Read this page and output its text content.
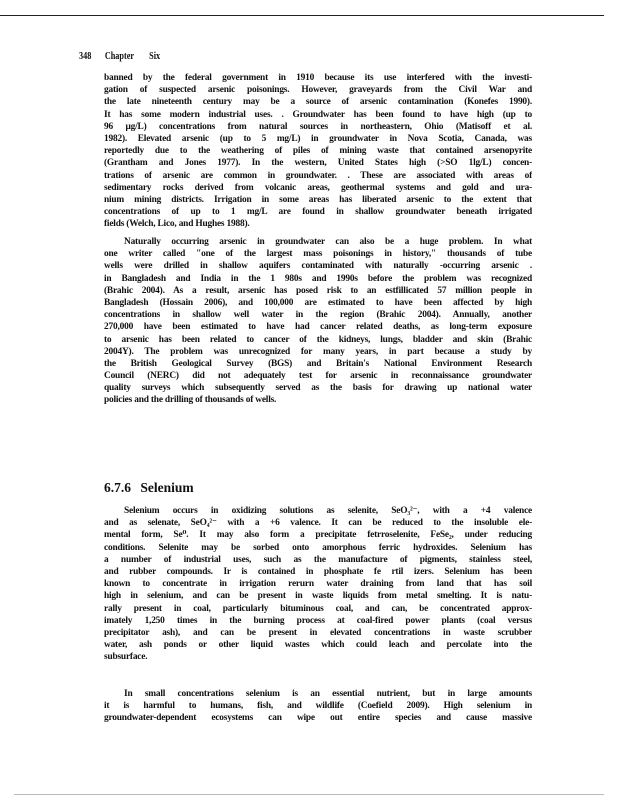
348 Chapter Six
banned by the federal government in 1910 because its use interfered with the investi-
gation of suspected arsenic poisonings. However, graveyards from the Civil War and
the late nineteenth century may be a source of arsenic contamination (Konefes 1990).
It has some modern industrial uses. . Groundwater has been found to have high (up to
96 μg/L) concentrations from natural sources in northeastern, Ohio (Matisoff et al.
1982). Elevated arsenic (up to 5 mg/L) in groundwater in Nova Scotia, Canada, was
reportedly due to the weathering of piles of mining waste that contained arsenopyrite
(Grantham and Jones 1977). In the western, United States high (>SO 1lg/L) concen-
trations of arsenic are common in groundwater. . These are associated with areas of
sedimentary rocks derived from volcanic areas, geothermal systems and gold and ura-
nium mining districts. Irrigation in some areas has liberated arsenic to the extent that
concentrations of up to 1 mg/L are found in shallow groundwater beneath irrigated
fields (Welch, Lico, and Hughes 1988).
Naturally occurring arsenic in groundwater can also be a huge problem. In what
one writer called "one of the largest mass poisonings in history," thousands of tube
wells were drilled in shallow aquifers contaminated with naturally -occurring arsenic .
in Bangladesh and India in the 1 980s and 1990s before the problem was recognized
(Brahic 2004). As a result, arsenic has posed risk to an estfillicated 57 million people in
Bangladesh (Hossain 2006), and 100,000 are estimated to have been affected by high
concentrations in shallow well water in the region (Brahic 2004). Annually, another
270,000 have been estimated to have had cancer related deaths, as long-term exposure
to arsenic has been related to cancer of the kidneys, lungs, bladder and skin (Brahic
2004Y). The problem was unrecognized for many years, in part because a study by
the British Geological Survey (BGS) and Britain's National Environment Research
Council (NERC) did not adequately test for arsenic in reconnaissance groundwater
quality surveys which subsequently served as the basis for drawing up national water
policies and the drilling of thousands of wells.
6.7.6 Selenium
Selenium occurs in oxidizing solutions as selenite, SeO₃²⁻, with a +4 valence
and as selenate, SeO₄²⁻ with a +6 valence. It can be reduced to the insoluble ele-
mental form, Se⁰. It may also form a precipitate fetrroselenite, FeSe₂, under reducing
conditions. Selenite may be sorbed onto amorphous ferric hydroxides. Selenium has
a number of industrial uses, such as the manufacture of pigments, stainless steel,
and rubber compounds. Ir is contained in phosphate fe rtil izers. Selenium has been
known to concentrate in irrigation rerurn water draining from land that has soil
high in selenium, and can be present in waste liquids from metal smelting. It is natu-
rally present in coal, particularly bituminous coal, and can, be concentrated approx-
imately 1,250 times in the burning process at coal-fired power plants (coal versus
precipitator ash), and can be present in elevated concentrations in waste scrubber
water, ash ponds or other liquid wastes which could leach and percolate into the
subsurface.
In small concentrations selenium is an essential nutrient, but in large amounts
it is harmful to humans, fish, and wildlife (Coefield 2009). High selenium in
groundwater-dependent ecosystems can wipe out entire species and cause massive
